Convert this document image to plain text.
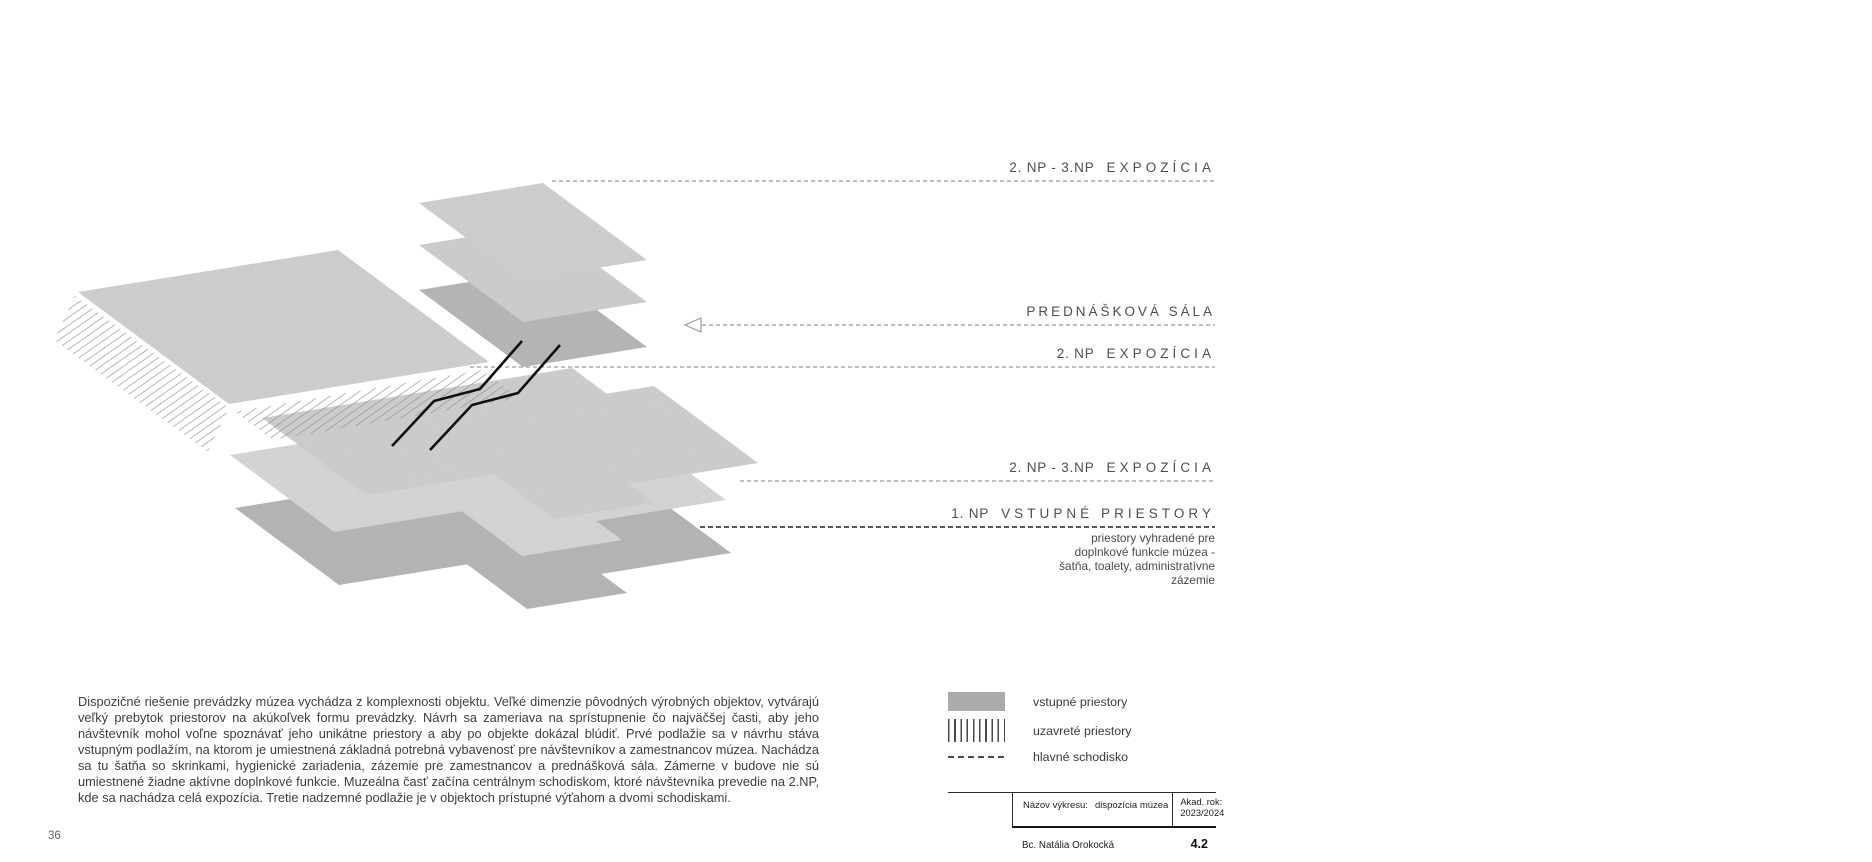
2. NP - 3.NP EXPOZÍCIA
PREDNÁŠKOVÁ SÁLA
2. NP EXPOZÍCIA
2. NP - 3.NP EXPOZÍCIA
1. NP VSTUPNÉ PRIESTORY
priestory vyhradené pre
doplnkové funkcie múzea -
šatňa, toalety, administratívne
zázemie
Dispozičné riešenie prevádzky múzea vychádza z komplexnosti objektu. Veľké dimenzie pôvodných výrobných objektov, vytvárajú veľký prebytok priestorov na akúkoľvek formu prevádzky. Návrh sa zameriava na sprístupnenie čo najväčšej časti, aby jeho návštevník mohol voľne spoznávať jeho unikátne priestory a aby po objekte dokázal blúdiť. Prvé podlažie sa v návrhu stáva vstupným podlažím, na ktorom je umiestnená základná potrebná vybavenosť pre návštevníkov a zamestnancov múzea. Nachádza sa tu šatňa so skrinkami, hygienické zariadenia, zázemie pre zamestnancov a prednášková sála. Zámerne v budove nie sú umiestnené žiadne aktívne doplnkové funkcie. Muzeálna časť začína centrálnym schodiskom, ktoré návštevníka prevedie na 2.NP, kde sa nachádza celá expozícia. Tretie nadzemné podlažie je v objektoch prístupné výťahom a dvomi schodiskami.
vstupné priestory
uzavreté priestory
hlavné schodisko
Názov výkresu: dispozícia múzea	Akad. rok:
2023/2024
Bc. Natália Orokocká	4.2
36
